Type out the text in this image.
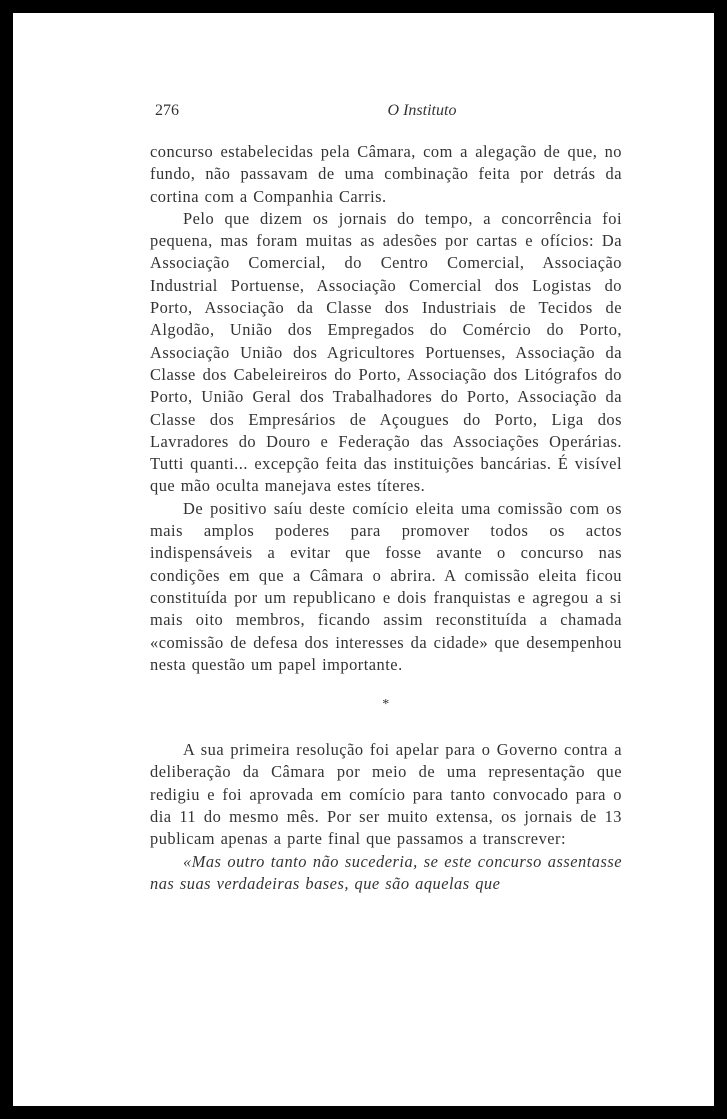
276	O Instituto

concurso estabelecidas pela Câmara, com a alegação de que, no fundo, não passavam de uma combinação feita por detrás da cortina com a Companhia Carris.

Pelo que dizem os jornais do tempo, a concorrência foi pequena, mas foram muitas as adesões por cartas e ofícios: Da Associação Comercial, do Centro Comercial, Associação Industrial Portuense, Associação Comercial dos Logistas do Porto, Associação da Classe dos Industriais de Tecidos de Algodão, União dos Empregados do Comércio do Porto, Associação União dos Agricultores Portuenses, Associação da Classe dos Cabeleireiros do Porto, Associação dos Litógrafos do Porto, União Geral dos Trabalhadores do Porto, Associação da Classe dos Empresários de Açougues do Porto, Liga dos Lavradores do Douro e Federação das Associações Operárias. Tutti quanti... excepção feita das instituições bancárias. É visível que mão oculta manejava estes títeres.

De positivo saíu deste comício eleita uma comissão com os mais amplos poderes para promover todos os actos indispensáveis a evitar que fosse avante o concurso nas condições em que a Câmara o abrira. A comissão eleita ficou constituída por um republicano e dois franquistas e agregou a si mais oito membros, ficando assim reconstituída a chamada «comissão de defesa dos interesses da cidade» que desempenhou nesta questão um papel importante.

*

A sua primeira resolução foi apelar para o Governo contra a deliberação da Câmara por meio de uma representação que redigiu e foi aprovada em comício para tanto convocado para o dia 11 do mesmo mês. Por ser muito extensa, os jornais de 13 publicam apenas a parte final que passamos a transcrever:

«Mas outro tanto não sucederia, se este concurso assentasse nas suas verdadeiras bases, que são aquelas que
